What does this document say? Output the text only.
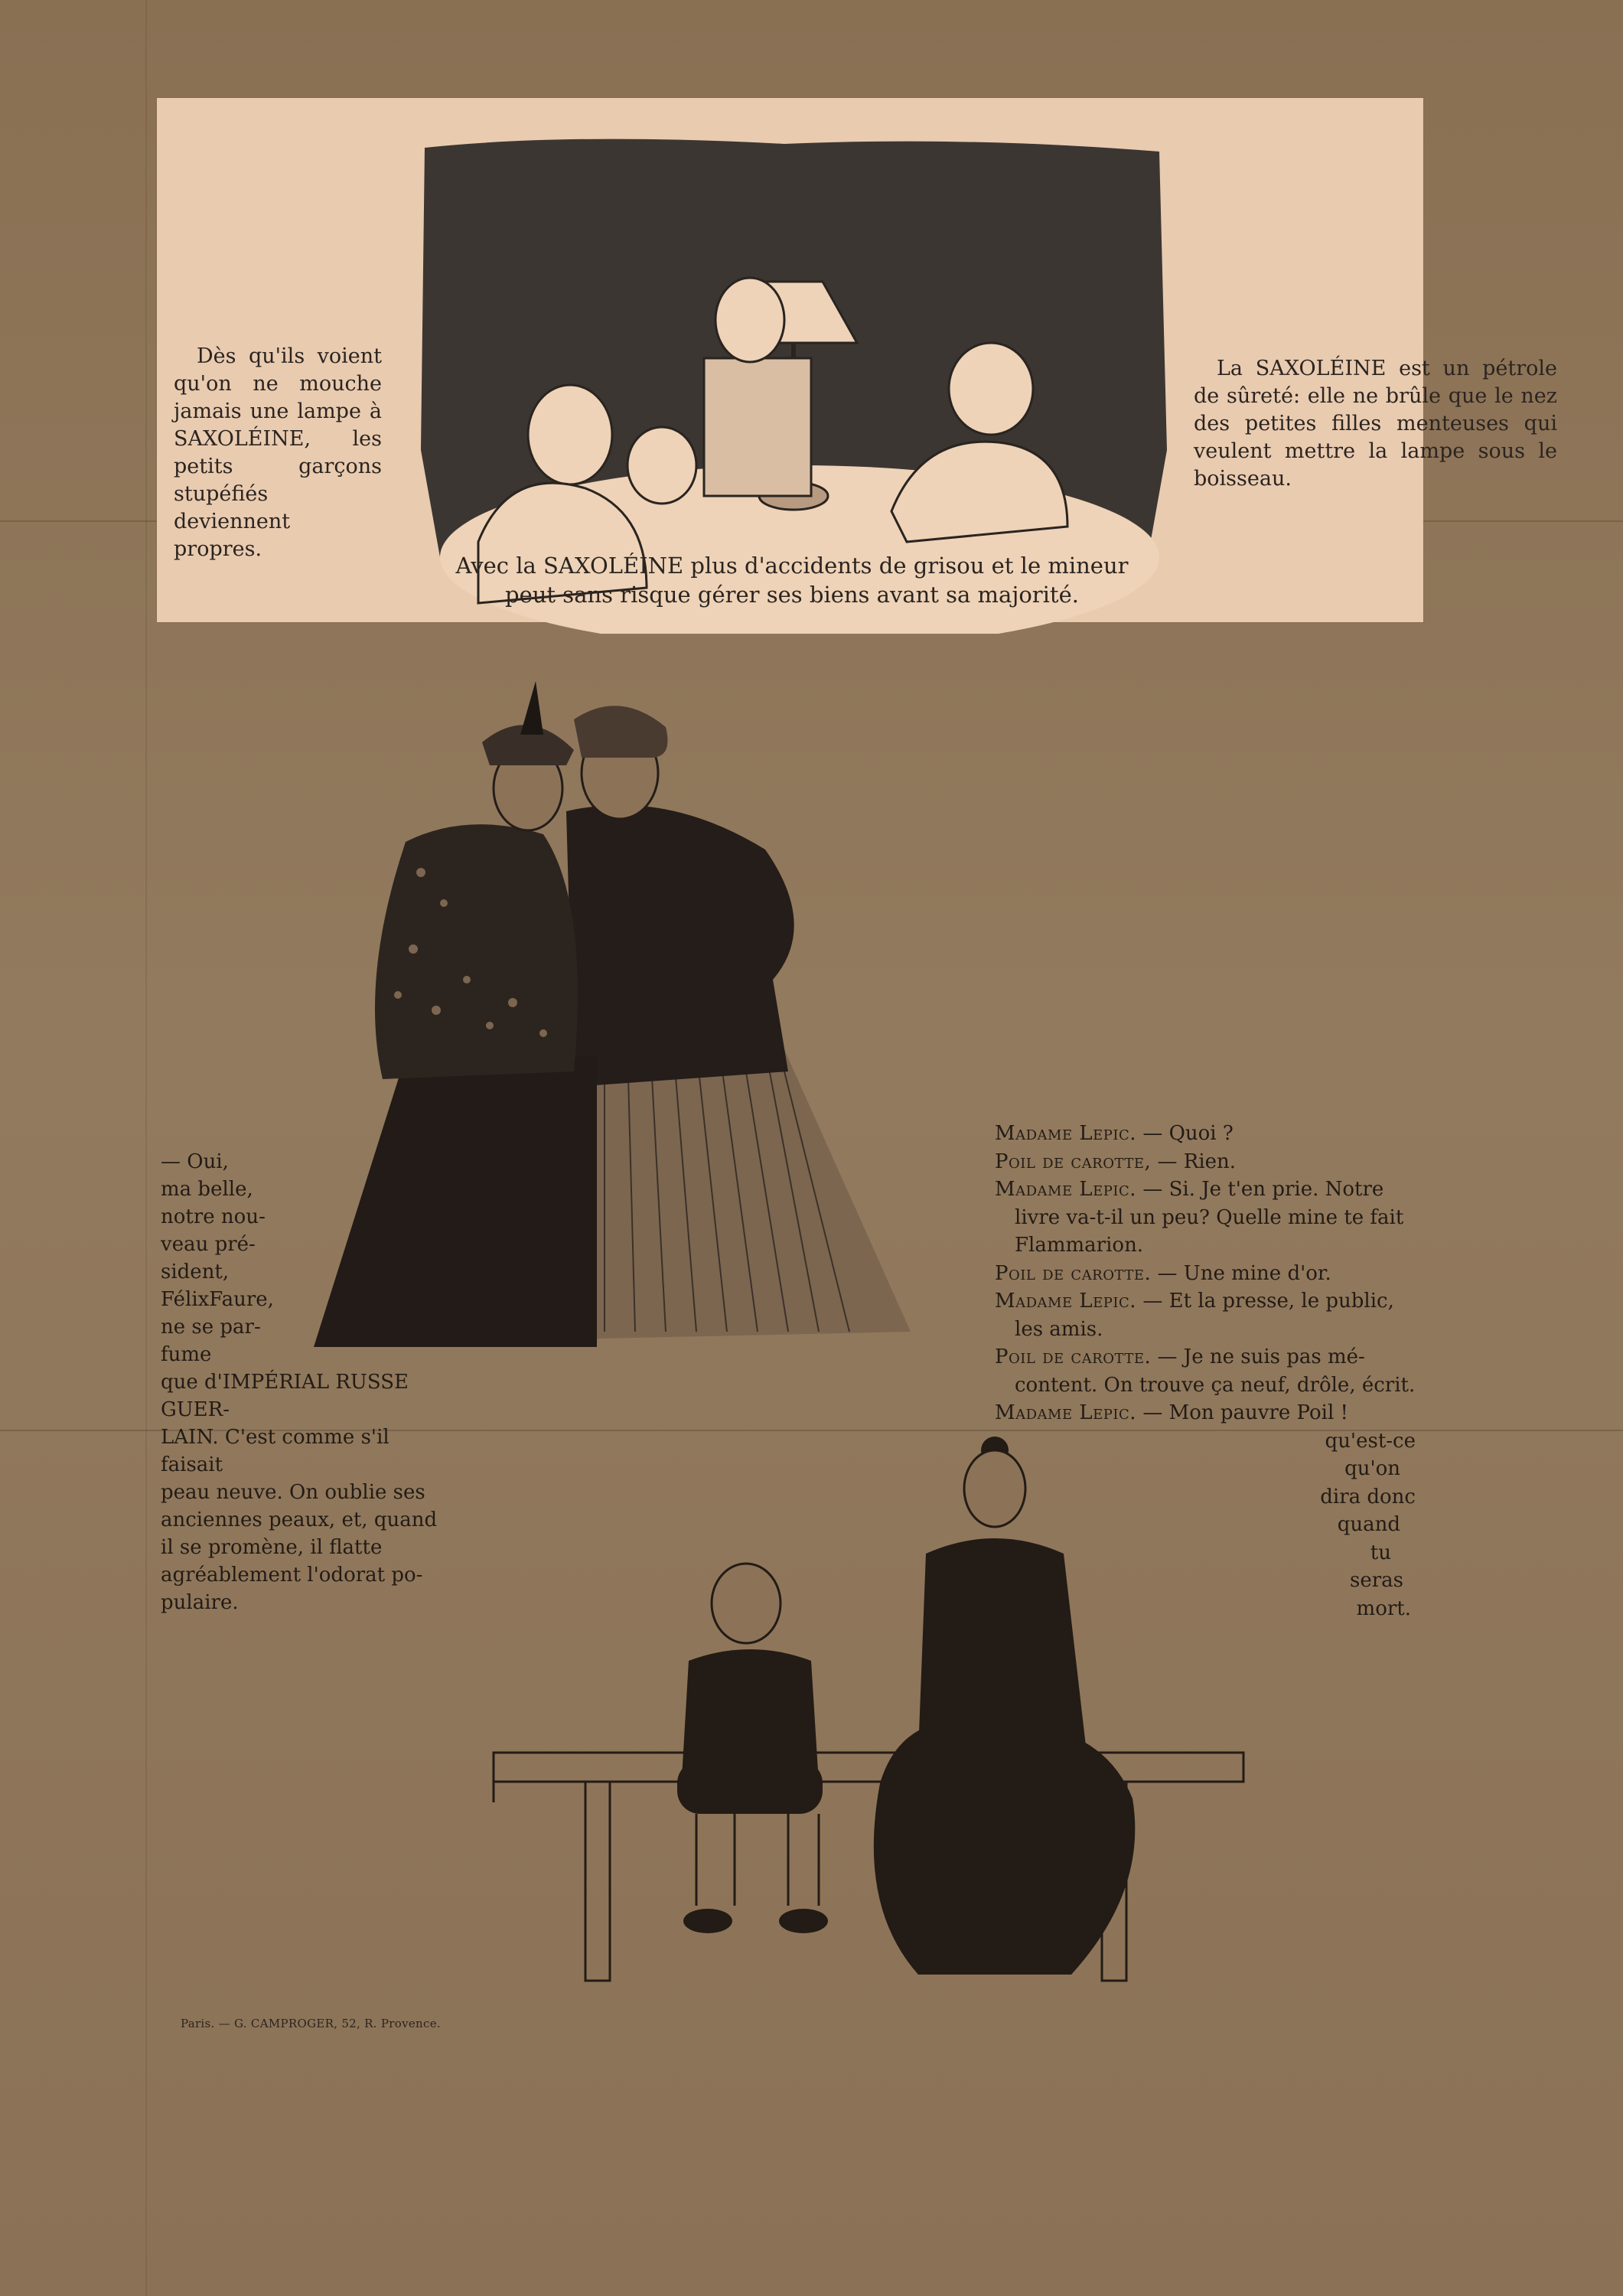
Dès qu'ils voient qu'on ne mouche jamais une lampe à SAXOLÉINE, les petits garçons stupéfiés deviennent propres.

La SAXOLÉINE est un pétrole de sûreté: elle ne brûle que le nez des petites filles menteuses qui veulent mettre la lampe sous le boisseau.

Avec la SAXOLÉINE plus d'accidents de grisou et le mineur
peut sans risque gérer ses biens avant sa majorité.

— Oui,
ma belle,
notre nou-
veau pré-
sident,
FélixFaure,
ne se par-
fume
que d'IMPÉRIAL RUSSE GUER-
LAIN. C'est comme s'il faisait
peau neuve. On oublie ses
anciennes peaux, et, quand
il se promène, il flatte
agréablement l'odorat po-
pulaire.

Madame Lepic. — Quoi ?
Poil de carotte, — Rien.
Madame Lepic. — Si. Je t'en prie. Notre
livre va-t-il un peu? Quelle mine te fait
Flammarion.
Poil de carotte. — Une mine d'or.
Madame Lepic. — Et la presse, le public,
les amis.
Poil de carotte. — Je ne suis pas mé-
content. On trouve ça neuf, drôle, écrit.
Madame Lepic. — Mon pauvre Poil !
qu'est-ce
qu'on
dira donc
quand
tu
seras
mort.

Paris. — G. CAMPROGER, 52, R. Provence.
